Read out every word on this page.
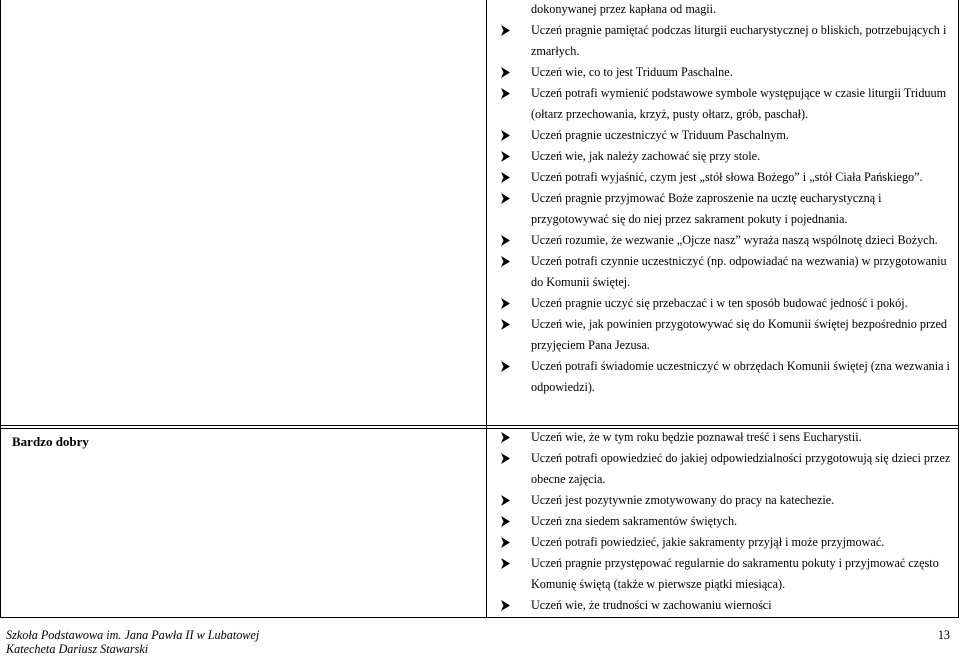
dokonywanej przez kapłana od magii.
Uczeń pragnie pamiętać podczas liturgii eucharystycznej o bliskich, potrzebujących i zmarłych.
Uczeń wie, co to jest Triduum Paschalne.
Uczeń potrafi wymienić podstawowe symbole występujące w czasie liturgii Triduum (ołtarz przechowania, krzyż, pusty ołtarz, grób, paschał).
Uczeń pragnie uczestniczyć w Triduum Paschalnym.
Uczeń wie, jak należy zachować się przy stole.
Uczeń potrafi wyjaśnić, czym jest „stół słowa Bożego” i „stół Ciała Pańskiego”.
Uczeń pragnie przyjmować Boże zaproszenie na ucztę eucharystyczną i przygotowywać się do niej przez sakrament pokuty i pojednania.
Uczeń rozumie, że wezwanie „Ojcze nasz” wyraża naszą wspólnotę dzieci Bożych.
Uczeń potrafi czynnie uczestniczyć (np. odpowiadać na wezwania) w przygotowaniu do Komunii świętej.
Uczeń pragnie uczyć się przebaczać i w ten sposób budować jedność i pokój.
Uczeń wie, jak powinien przygotowywać się do Komunii świętej bezpośrednio przed przyjęciem Pana Jezusa.
Uczeń potrafi świadomie uczestniczyć w obrzędach Komunii świętej (zna wezwania i odpowiedzi).
Bardzo dobry	Uczeń wie, że w tym roku będzie poznawał treść i sens Eucharystii.
Uczeń potrafi opowiedzieć do jakiej odpowiedzialności przygotowują się dzieci przez obecne zajęcia.
Uczeń jest pozytywnie zmotywowany do pracy na katechezie.
Uczeń zna siedem sakramentów świętych.
Uczeń potrafi powiedzieć, jakie sakramenty przyjął i może przyjmować.
Uczeń pragnie przystępować regularnie do sakramentu pokuty i przyjmować często Komunię świętą (także w pierwsze piątki miesiąca).
Uczeń wie, że trudności w zachowaniu wierności
Szkoła Podstawowa im. Jana Pawła II w Lubatowej
Katecheta Dariusz Stawarski
13
